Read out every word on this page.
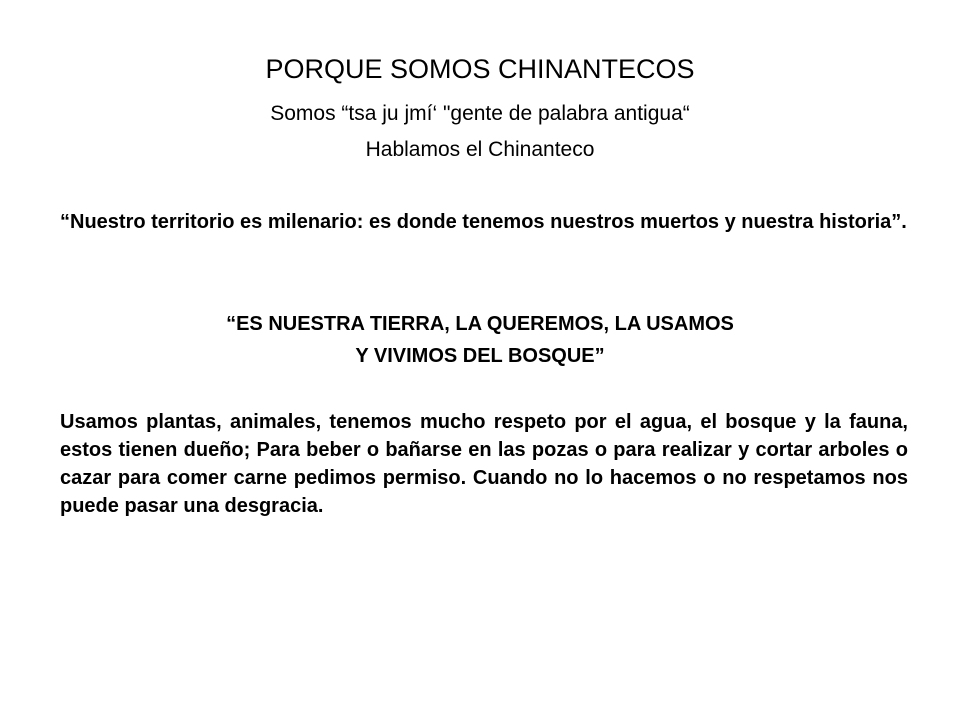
PORQUE SOMOS CHINANTECOS

Somos “tsa ju jmí‘ "gente de palabra antigua“

Hablamos el Chinanteco

“Nuestro territorio es milenario: es donde tenemos nuestros muertos y nuestra historia”.

“ES NUESTRA TIERRA, LA QUEREMOS, LA USAMOS

Y VIVIMOS DEL BOSQUE”

Usamos plantas, animales, tenemos mucho respeto por el agua, el bosque y la fauna, estos tienen dueño; Para beber o bañarse en las pozas o para realizar y cortar arboles o cazar para comer carne pedimos permiso. Cuando no lo hacemos o no respetamos nos puede pasar una desgracia.
